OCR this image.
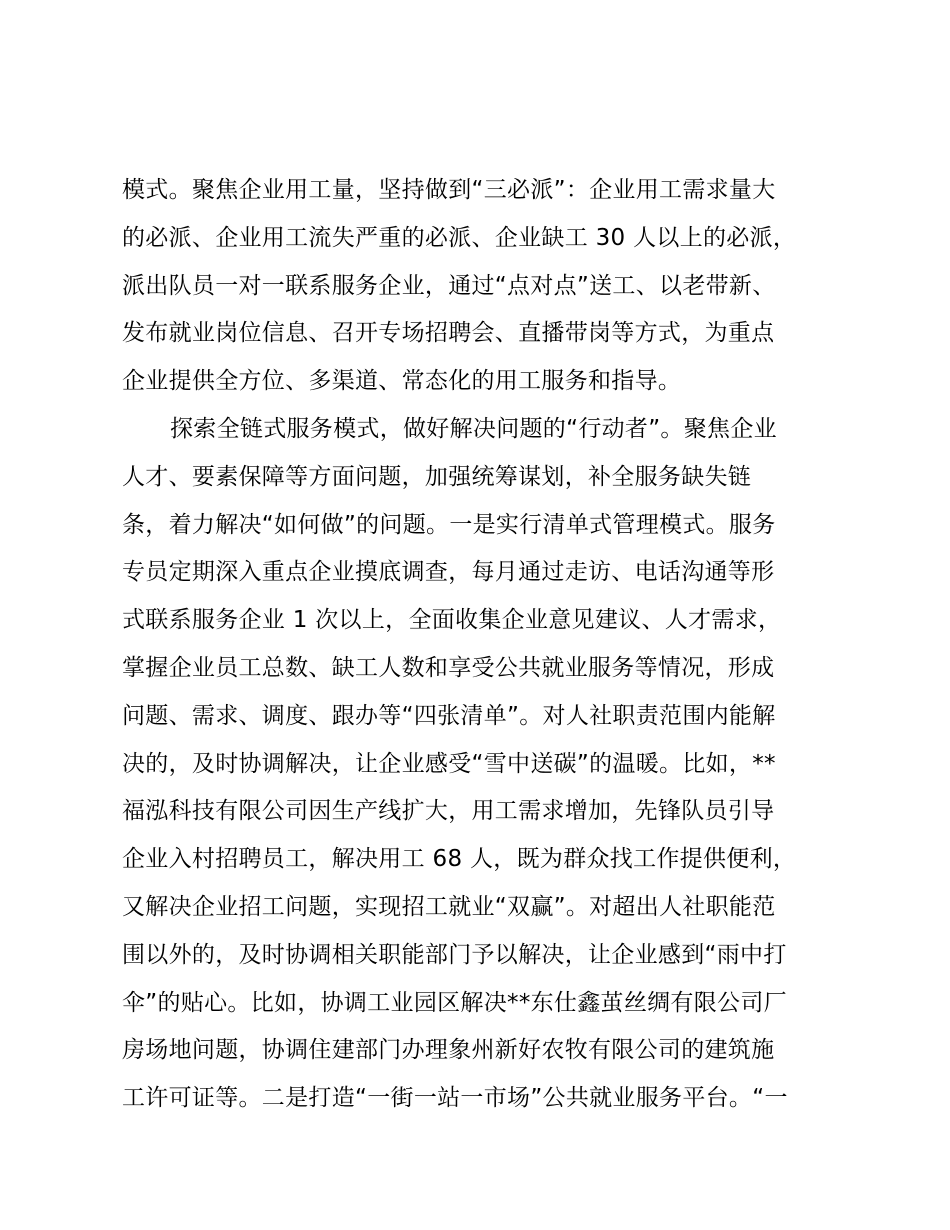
模式。聚焦企业用工量，坚持做到“三必派”：企业用工需求量大
的必派、企业用工流失严重的必派、企业缺工 30 人以上的必派，
派出队员一对一联系服务企业，通过“点对点”送工、以老带新、
发布就业岗位信息、召开专场招聘会、直播带岗等方式，为重点
企业提供全方位、多渠道、常态化的用工服务和指导。
探索全链式服务模式，做好解决问题的“行动者”。聚焦企业
人才、要素保障等方面问题，加强统筹谋划，补全服务缺失链
条，着力解决“如何做”的问题。一是实行清单式管理模式。服务
专员定期深入重点企业摸底调查，每月通过走访、电话沟通等形
式联系服务企业 1 次以上，全面收集企业意见建议、人才需求，
掌握企业员工总数、缺工人数和享受公共就业服务等情况，形成
问题、需求、调度、跟办等“四张清单”。对人社职责范围内能解
决的，及时协调解决，让企业感受“雪中送碳”的温暖。比如，**
福泓科技有限公司因生产线扩大，用工需求增加，先锋队员引导
企业入村招聘员工，解决用工 68 人，既为群众找工作提供便利，
又解决企业招工问题，实现招工就业“双赢”。对超出人社职能范
围以外的，及时协调相关职能部门予以解决，让企业感到“雨中打
伞”的贴心。比如，协调工业园区解决**东仕鑫茧丝绸有限公司厂
房场地问题，协调住建部门办理象州新好农牧有限公司的建筑施
工许可证等。二是打造“一街一站一市场”公共就业服务平台。“一
